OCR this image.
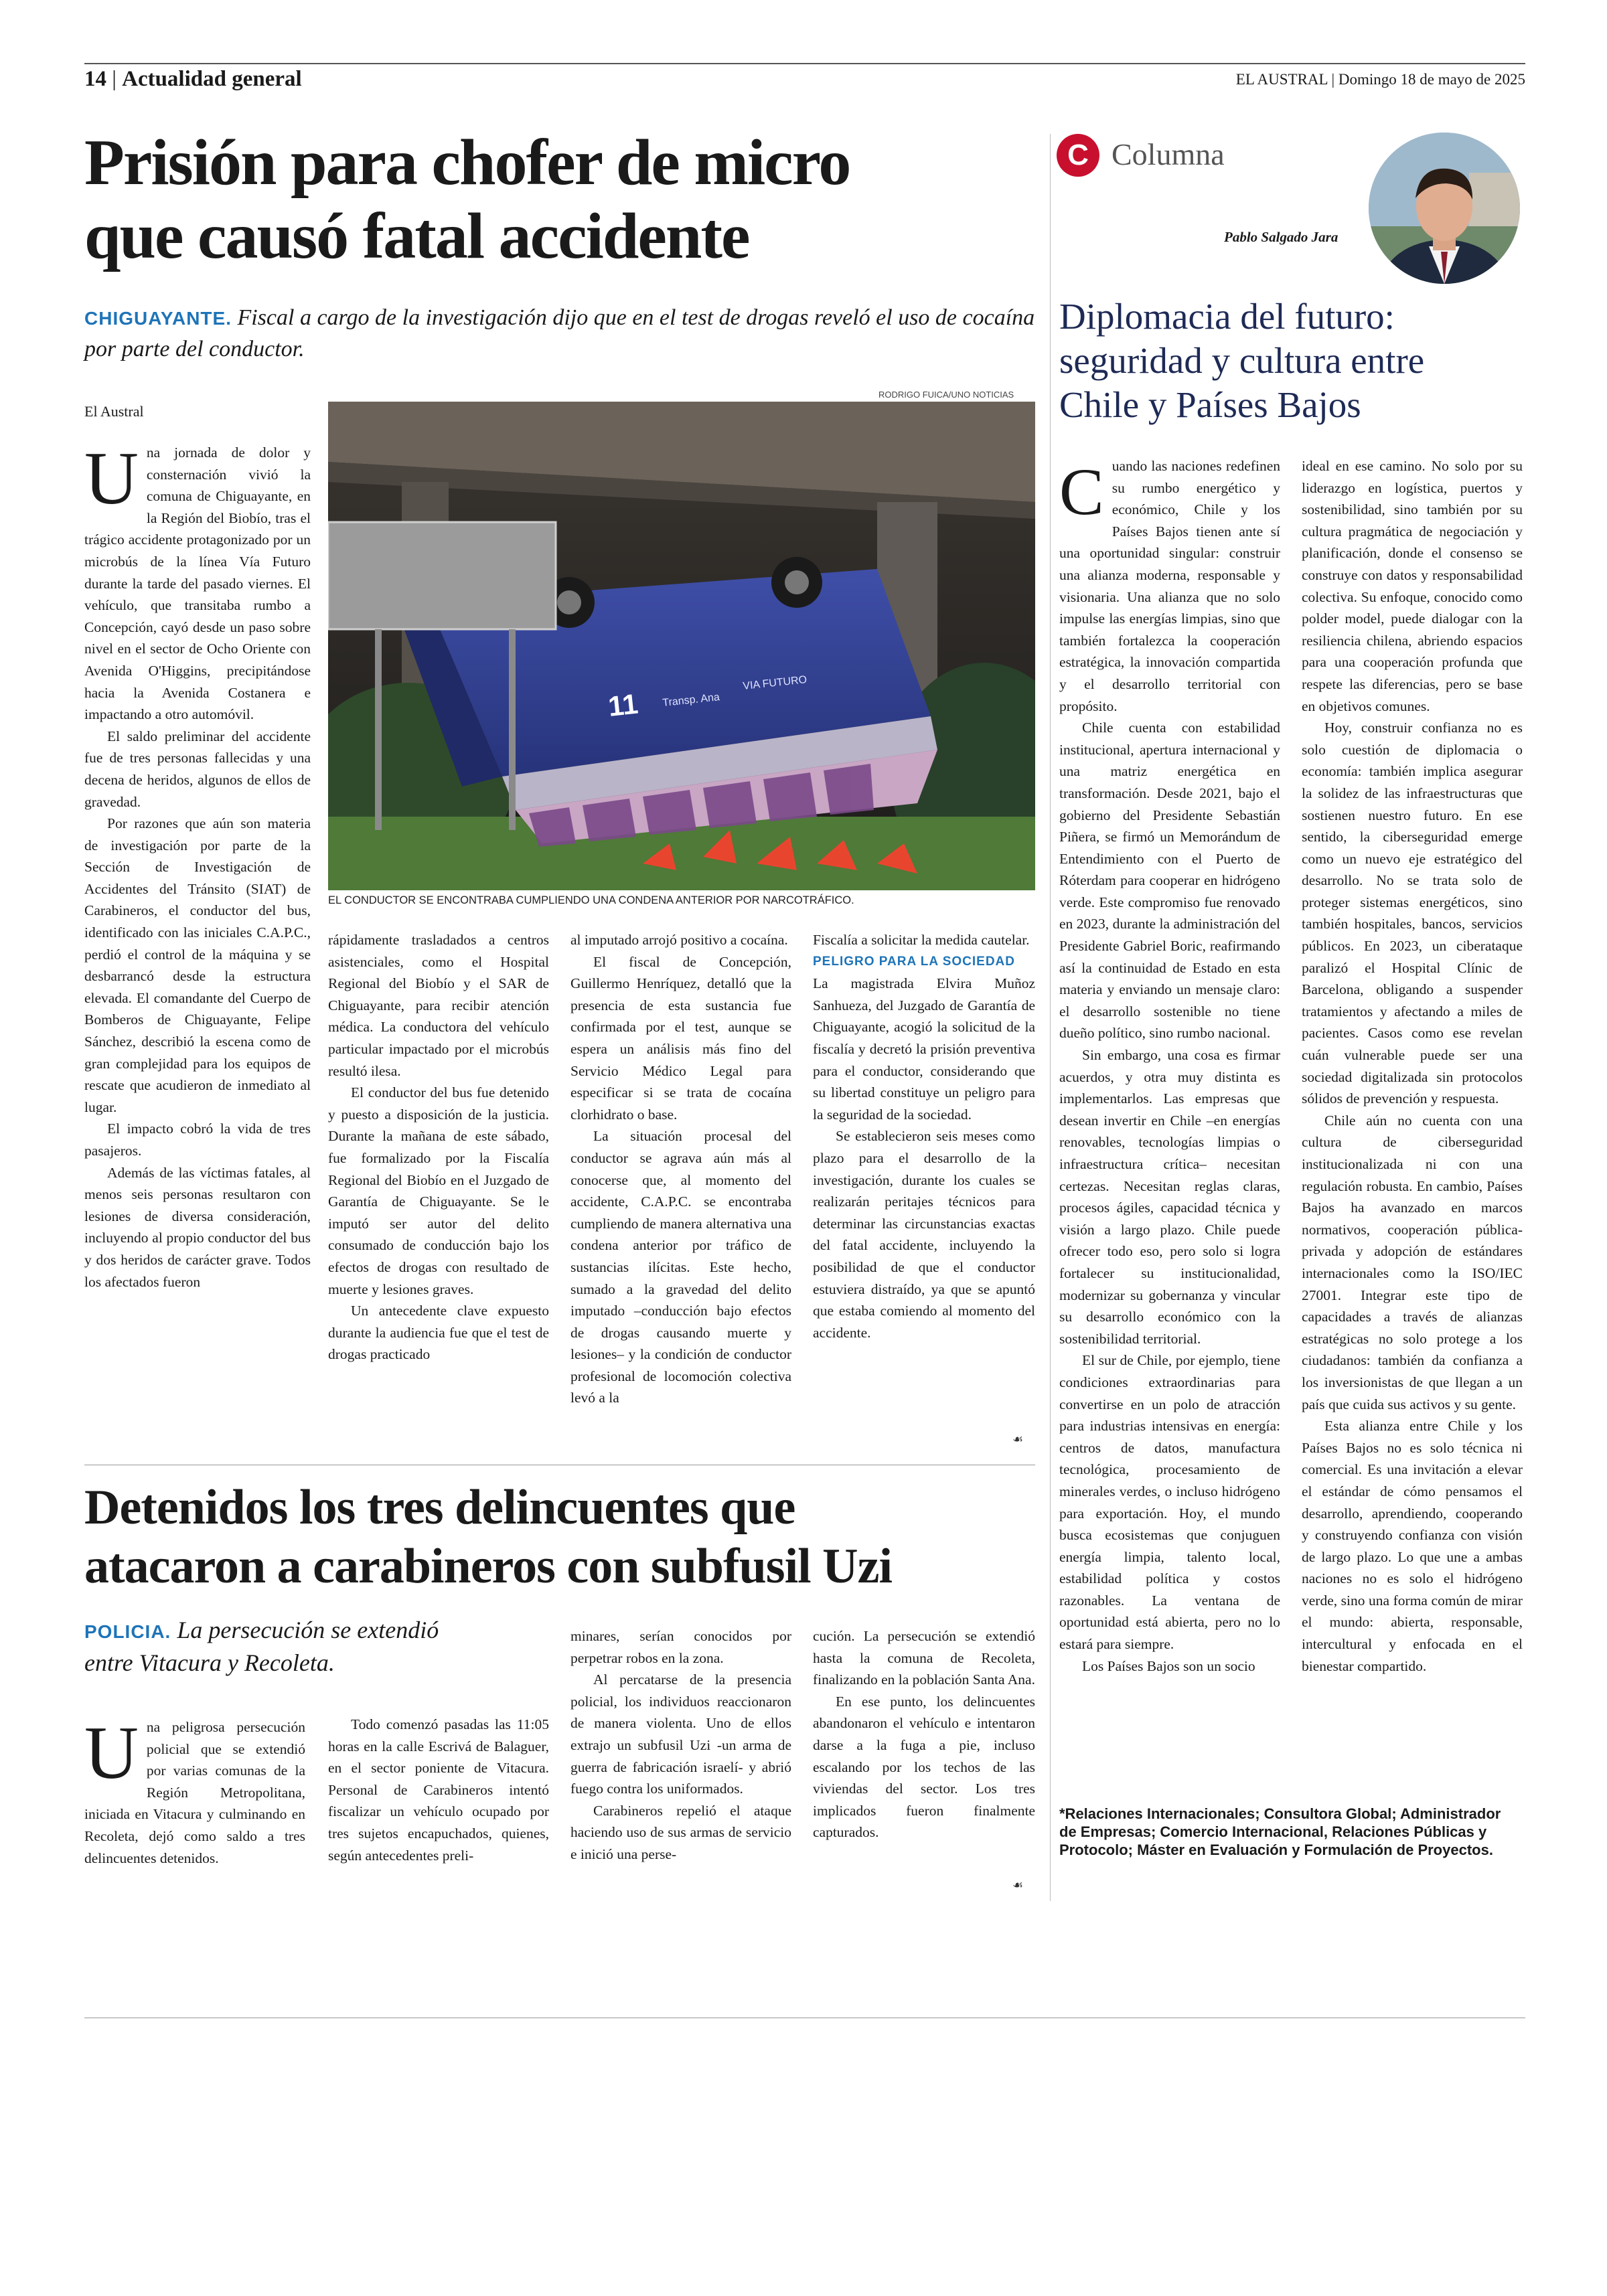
14 | Actualidad general	EL AUSTRAL | Domingo 18 de mayo de 2025
Prisión para chofer de micro
que causó fatal accidente
CHIGUAYANTE. Fiscal a cargo de la investigación dijo que en el test de drogas reveló el uso de cocaína por parte del conductor.
El Austral
RODRIGO FUICA/UNO NOTICIAS
11 Transp. Ana
VIA FUTURO
EL CONDUCTOR SE ENCONTRABA CUMPLIENDO UNA CONDENA ANTERIOR POR NARCOTRÁFICO.

Una jornada de dolor y consternación vivió la comuna de Chiguayante, en la Región del Biobío, tras el trágico accidente protagonizado por un microbús de la línea Vía Futuro durante la tarde del pasado viernes. El vehículo, que transitaba rumbo a Concepción, cayó desde un paso sobre nivel en el sector de Ocho Oriente con Avenida O'Higgins, precipitándose hacia la Avenida Costanera e impactando a otro automóvil.

El saldo preliminar del accidente fue de tres personas fallecidas y una decena de heridos, algunos de ellos de gravedad.

Por razones que aún son materia de investigación por parte de la Sección de Investigación de Accidentes del Tránsito (SIAT) de Carabineros, el conductor del bus, identificado con las iniciales C.A.P.C., perdió el control de la máquina y se desbarrancó desde la estructura elevada. El comandante del Cuerpo de Bomberos de Chiguayante, Felipe Sánchez, describió la escena como de gran complejidad para los equipos de rescate que acudieron de inmediato al lugar.

El impacto cobró la vida de tres pasajeros.

Además de las víctimas fatales, al menos seis personas resultaron con lesiones de diversa consideración, incluyendo al propio conductor del bus y dos heridos de carácter grave. Todos los afectados fueron

rápidamente trasladados a centros asistenciales, como el Hospital Regional del Biobío y el SAR de Chiguayante, para recibir atención médica. La conductora del vehículo particular impactado por el microbús resultó ilesa.

El conductor del bus fue detenido y puesto a disposición de la justicia. Durante la mañana de este sábado, fue formalizado por la Fiscalía Regional del Biobío en el Juzgado de Garantía de Chiguayante. Se le imputó ser autor del delito consumado de conducción bajo los efectos de drogas con resultado de muerte y lesiones graves.

Un antecedente clave expuesto durante la audiencia fue que el test de drogas practicado

al imputado arrojó positivo a cocaína.

El fiscal de Concepción, Guillermo Henríquez, detalló que la presencia de esta sustancia fue confirmada por el test, aunque se espera un análisis más fino del Servicio Médico Legal para especificar si se trata de cocaína clorhidrato o base.

La situación procesal del conductor se agrava aún más al conocerse que, al momento del accidente, C.A.P.C. se encontraba cumpliendo de manera alternativa una condena anterior por tráfico de sustancias ilícitas. Este hecho, sumado a la gravedad del delito imputado –conducción bajo efectos de drogas causando muerte y lesiones– y la condición de conductor profesional de locomoción colectiva levó a la

Fiscalía a solicitar la medida cautelar.

PELIGRO PARA LA SOCIEDAD

La magistrada Elvira Muñoz Sanhueza, del Juzgado de Garantía de Chiguayante, acogió la solicitud de la fiscalía y decretó la prisión preventiva para el conductor, considerando que su libertad constituye un peligro para la seguridad de la sociedad.

Se establecieron seis meses como plazo para el desarrollo de la investigación, durante los cuales se realizarán peritajes técnicos para determinar las circunstancias exactas del fatal accidente, incluyendo la posibilidad de que el conductor estuviera distraído, ya que se apuntó que estaba comiendo al momento del accidente.

☙
Detenidos los tres delincuentes que
atacaron a carabineros con subfusil Uzi
POLICIA. La persecución se extendió
entre Vitacura y Recoleta.

Una peligrosa persecución policial que se extendió por varias comunas de la Región Metropolitana, iniciada en Vitacura y culminando en Recoleta, dejó como saldo a tres delincuentes detenidos.

Todo comenzó pasadas las 11:05 horas en la calle Escrivá de Balaguer, en el sector poniente de Vitacura. Personal de Carabineros intentó fiscalizar un vehículo ocupado por tres sujetos encapuchados, quienes, según antecedentes preli-

minares, serían conocidos por perpetrar robos en la zona.

Al percatarse de la presencia policial, los individuos reaccionaron de manera violenta. Uno de ellos extrajo un subfusil Uzi -un arma de guerra de fabricación israelí- y abrió fuego contra los uniformados.

Carabineros repelió el ataque haciendo uso de sus armas de servicio e inició una perse-

cución. La persecución se extendió hasta la comuna de Recoleta, finalizando en la población Santa Ana.

En ese punto, los delincuentes abandonaron el vehículo e intentaron darse a la fuga a pie, incluso escalando por los techos de las viviendas del sector. Los tres implicados fueron finalmente capturados.

☙
C Columna
Pablo Salgado Jara
Diplomacia del futuro:
seguridad y cultura entre
Chile y Países Bajos

Cuando las naciones redefinen su rumbo energético y económico, Chile y los Países Bajos tienen ante sí una oportunidad singular: construir una alianza moderna, responsable y visionaria. Una alianza que no solo impulse las energías limpias, sino que también fortalezca la cooperación estratégica, la innovación compartida y el desarrollo territorial con propósito.

Chile cuenta con estabilidad institucional, apertura internacional y una matriz energética en transformación. Desde 2021, bajo el gobierno del Presidente Sebastián Piñera, se firmó un Memorándum de Entendimiento con el Puerto de Róterdam para cooperar en hidrógeno verde. Este compromiso fue renovado en 2023, durante la administración del Presidente Gabriel Boric, reafirmando así la continuidad de Estado en esta materia y enviando un mensaje claro: el desarrollo sostenible no tiene dueño político, sino rumbo nacional.

Sin embargo, una cosa es firmar acuerdos, y otra muy distinta es implementarlos. Las empresas que desean invertir en Chile –en energías renovables, tecnologías limpias o infraestructura crítica– necesitan certezas. Necesitan reglas claras, procesos ágiles, capacidad técnica y visión a largo plazo. Chile puede ofrecer todo eso, pero solo si logra fortalecer su institucionalidad, modernizar su gobernanza y vincular su desarrollo económico con la sostenibilidad territorial.

El sur de Chile, por ejemplo, tiene condiciones extraordinarias para convertirse en un polo de atracción para industrias intensivas en energía: centros de datos, manufactura tecnológica, procesamiento de minerales verdes, o incluso hidrógeno para exportación. Hoy, el mundo busca ecosistemas que conjuguen energía limpia, talento local, estabilidad política y costos razonables. La ventana de oportunidad está abierta, pero no lo estará para siempre.

Los Países Bajos son un socio

ideal en ese camino. No solo por su liderazgo en logística, puertos y sostenibilidad, sino también por su cultura pragmática de negociación y planificación, donde el consenso se construye con datos y responsabilidad colectiva. Su enfoque, conocido como polder model, puede dialogar con la resiliencia chilena, abriendo espacios para una cooperación profunda que respete las diferencias, pero se base en objetivos comunes.

Hoy, construir confianza no es solo cuestión de diplomacia o economía: también implica asegurar la solidez de las infraestructuras que sostienen nuestro futuro. En ese sentido, la ciberseguridad emerge como un nuevo eje estratégico del desarrollo. No se trata solo de proteger sistemas energéticos, sino también hospitales, bancos, servicios públicos. En 2023, un ciberataque paralizó el Hospital Clínic de Barcelona, obligando a suspender tratamientos y afectando a miles de pacientes. Casos como ese revelan cuán vulnerable puede ser una sociedad digitalizada sin protocolos sólidos de prevención y respuesta.

Chile aún no cuenta con una cultura de ciberseguridad institucionalizada ni con una regulación robusta. En cambio, Países Bajos ha avanzado en marcos normativos, cooperación pública-privada y adopción de estándares internacionales como la ISO/IEC 27001. Integrar este tipo de capacidades a través de alianzas estratégicas no solo protege a los ciudadanos: también da confianza a los inversionistas de que llegan a un país que cuida sus activos y su gente.

Esta alianza entre Chile y los Países Bajos no es solo técnica ni comercial. Es una invitación a elevar el estándar de cómo pensamos el desarrollo, aprendiendo, cooperando y construyendo confianza con visión de largo plazo. Lo que une a ambas naciones no es solo el hidrógeno verde, sino una forma común de mirar el mundo: abierta, responsable, intercultural y enfocada en el bienestar compartido.

*Relaciones Internacionales; Consultora Global; Administrador de Empresas; Comercio Internacional, Relaciones Públicas y Protocolo; Máster en Evaluación y Formulación de Proyectos.
